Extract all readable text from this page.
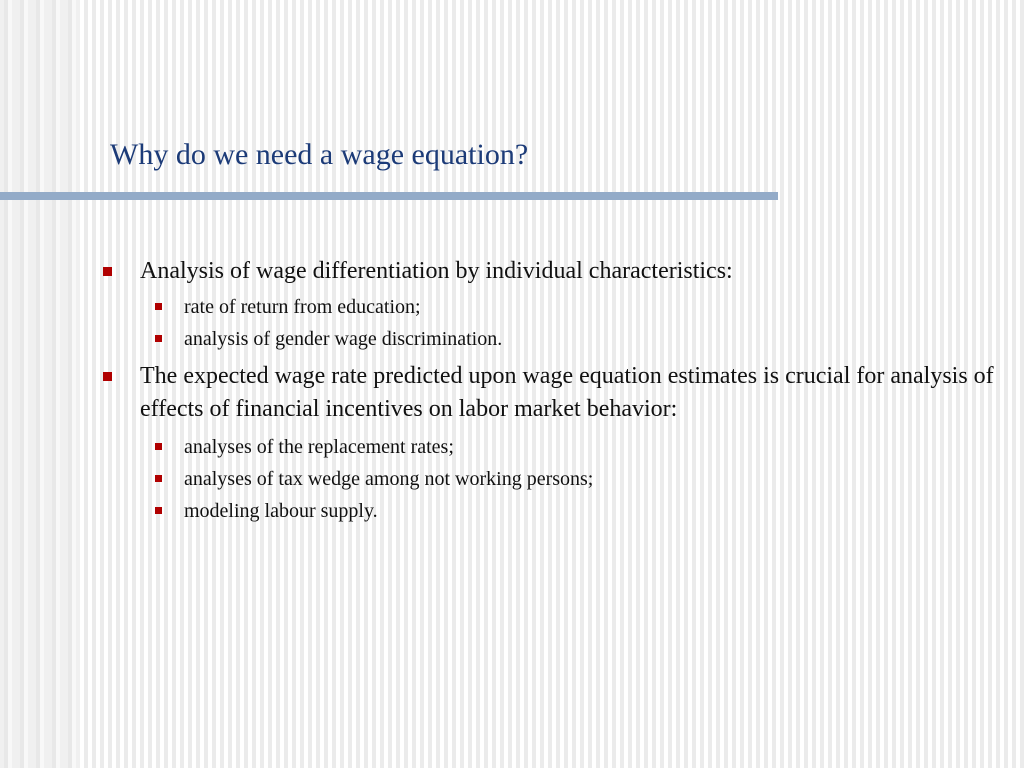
Why do we need a wage equation?
Analysis of wage differentiation by individual characteristics:
rate of return from education;
analysis of gender wage discrimination.
The expected wage rate predicted upon wage equation estimates is crucial for analysis of effects of financial incentives on labor market behavior:
analyses of the replacement rates;
analyses of tax wedge among not working persons;
modeling labour supply.
